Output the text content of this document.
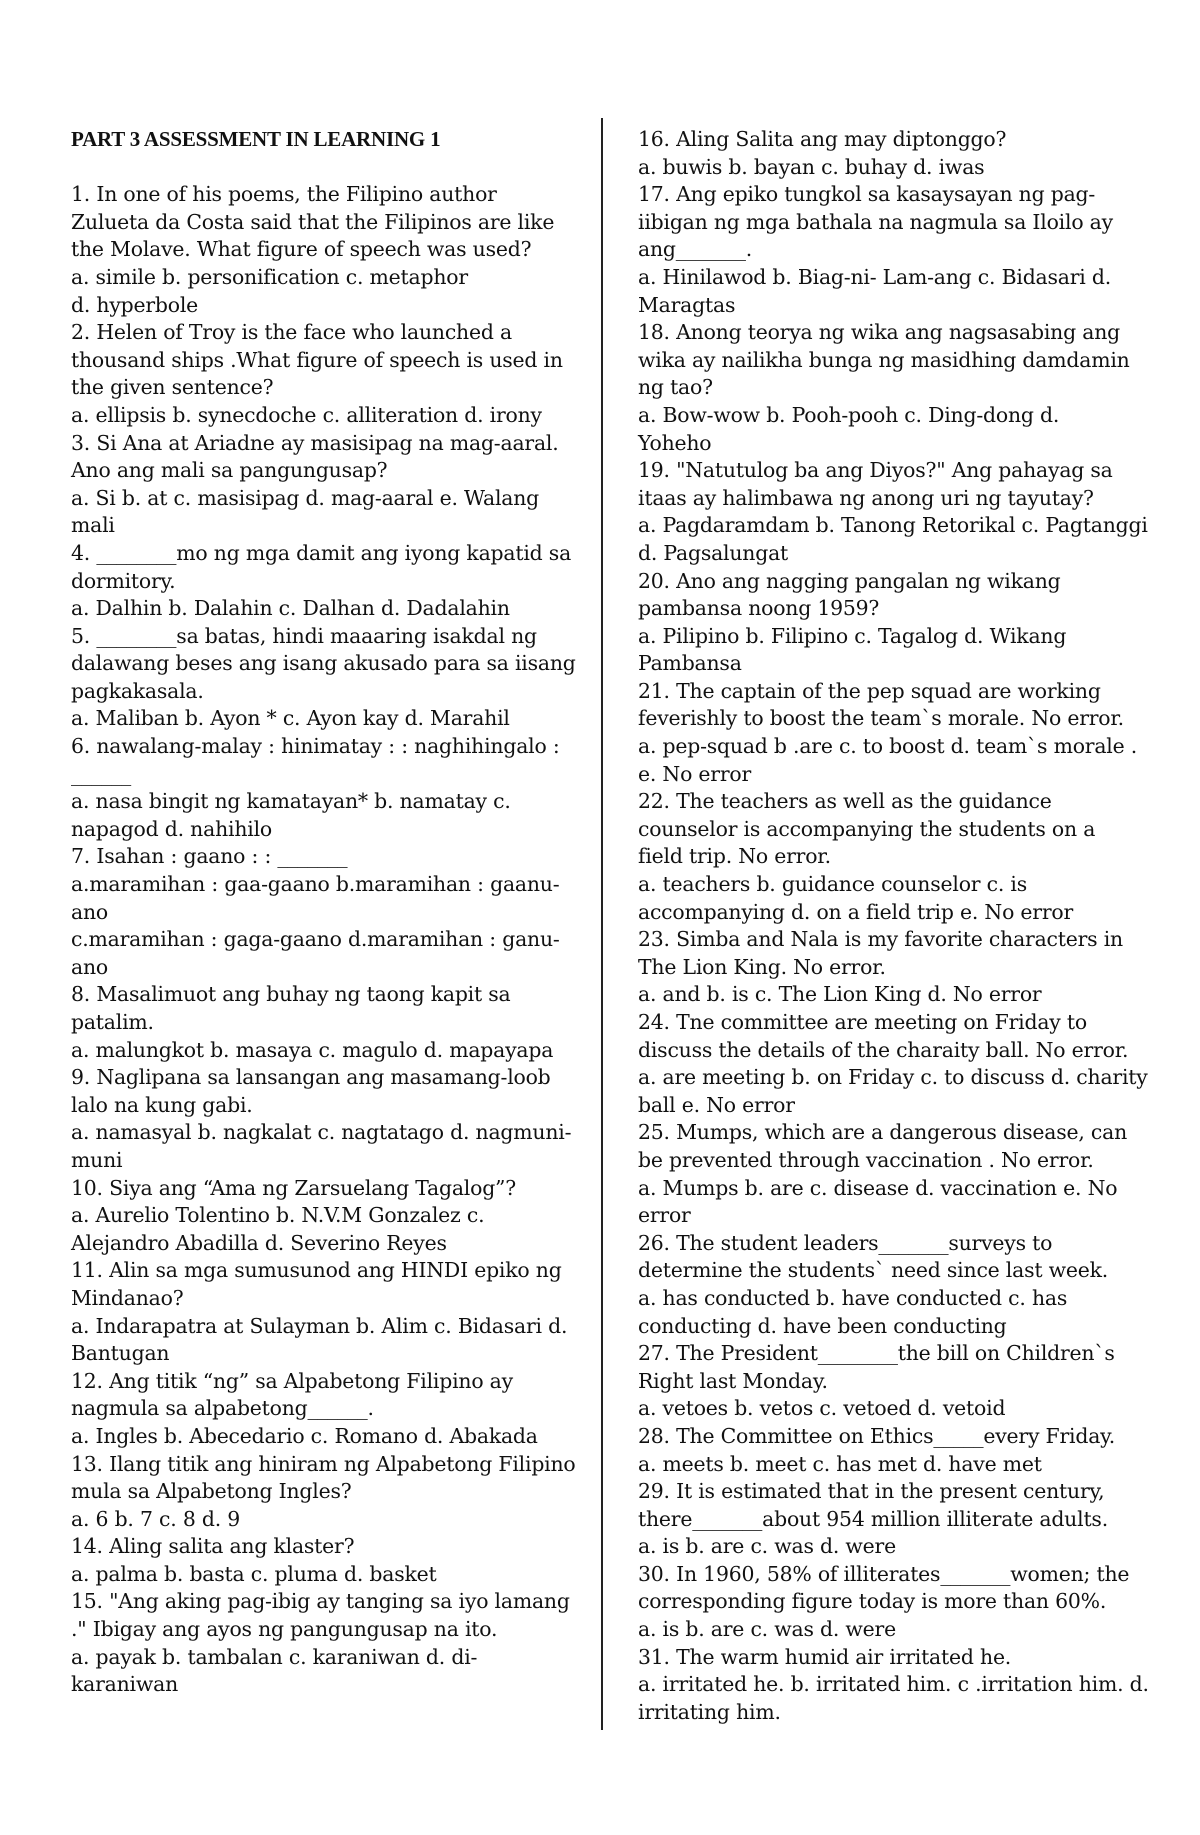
PART 3 ASSESSMENT IN LEARNING 1
1. In one of his poems, the Filipino author
Zulueta da Costa said that the Filipinos are like
the Molave. What figure of speech was used?
a. simile b. personification c. metaphor
d. hyperbole
2. Helen of Troy is the face who launched a
thousand ships .What figure of speech is used in
the given sentence?
a. ellipsis b. synecdoche c. alliteration d. irony
3. Si Ana at Ariadne ay masisipag na mag-aaral.
Ano ang mali sa pangungusap?
a. Si b. at c. masisipag d. mag-aaral e. Walang
mali
4. ________mo ng mga damit ang iyong kapatid sa
dormitory.
a. Dalhin b. Dalahin c. Dalhan d. Dadalahin
5. ________sa batas, hindi maaaring isakdal ng
dalawang beses ang isang akusado para sa iisang
pagkakasala.
a. Maliban b. Ayon * c. Ayon kay d. Marahil
6. nawalang-malay : hinimatay : : naghihingalo :
______
a. nasa bingit ng kamatayan* b. namatay c.
napagod d. nahihilo
7. Isahan : gaano : : _______
a.maramihan : gaa-gaano b.maramihan : gaanu-
ano
c.maramihan : gaga-gaano d.maramihan : ganu-
ano
8. Masalimuot ang buhay ng taong kapit sa
patalim.
a. malungkot b. masaya c. magulo d. mapayapa
9. Naglipana sa lansangan ang masamang-loob
lalo na kung gabi.
a. namasyal b. nagkalat c. nagtatago d. nagmuni-
muni
10. Siya ang “Ama ng Zarsuelang Tagalog”?
a. Aurelio Tolentino b. N.V.M Gonzalez c.
Alejandro Abadilla d. Severino Reyes
11. Alin sa mga sumusunod ang HINDI epiko ng
Mindanao?
a. Indarapatra at Sulayman b. Alim c. Bidasari d.
Bantugan
12. Ang titik “ng” sa Alpabetong Filipino ay
nagmula sa alpabetong______.
a. Ingles b. Abecedario c. Romano d. Abakada
13. Ilang titik ang hiniram ng Alpabetong Filipino
mula sa Alpabetong Ingles?
a. 6 b. 7 c. 8 d. 9
14. Aling salita ang klaster?
a. palma b. basta c. pluma d. basket
15. "Ang aking pag-ibig ay tanging sa iyo lamang
." Ibigay ang ayos ng pangungusap na ito.
a. payak b. tambalan c. karaniwan d. di-
karaniwan
16. Aling Salita ang may diptonggo?
a. buwis b. bayan c. buhay d. iwas
17. Ang epiko tungkol sa kasaysayan ng pag-
iibigan ng mga bathala na nagmula sa Iloilo ay
ang_______.
a. Hinilawod b. Biag-ni- Lam-ang c. Bidasari d.
Maragtas
18. Anong teorya ng wika ang nagsasabing ang
wika ay nailikha bunga ng masidhing damdamin
ng tao?
a. Bow-wow b. Pooh-pooh c. Ding-dong d.
Yoheho
19. "Natutulog ba ang Diyos?" Ang pahayag sa
itaas ay halimbawa ng anong uri ng tayutay?
a. Pagdaramdam b. Tanong Retorikal c. Pagtanggi
d. Pagsalungat
20. Ano ang nagging pangalan ng wikang
pambansa noong 1959?
a. Pilipino b. Filipino c. Tagalog d. Wikang
Pambansa
21. The captain of the pep squad are working
feverishly to boost the team`s morale. No error.
a. pep-squad b .are c. to boost d. team`s morale .
e. No error
22. The teachers as well as the guidance
counselor is accompanying the students on a
field trip. No error.
a. teachers b. guidance counselor c. is
accompanying d. on a field trip e. No error
23. Simba and Nala is my favorite characters in
The Lion King. No error.
a. and b. is c. The Lion King d. No error
24. Tne committee are meeting on Friday to
discuss the details of the charaity ball. No error.
a. are meeting b. on Friday c. to discuss d. charity
ball e. No error
25. Mumps, which are a dangerous disease, can
be prevented through vaccination . No error.
a. Mumps b. are c. disease d. vaccination e. No
error
26. The student leaders_______surveys to
determine the students` need since last week.
a. has conducted b. have conducted c. has
conducting d. have been conducting
27. The President________the bill on Children`s
Right last Monday.
a. vetoes b. vetos c. vetoed d. vetoid
28. The Committee on Ethics_____every Friday.
a. meets b. meet c. has met d. have met
29. It is estimated that in the present century,
there_______about 954 million illiterate adults.
a. is b. are c. was d. were
30. In 1960, 58% of illiterates_______women; the
corresponding figure today is more than 60%.
a. is b. are c. was d. were
31. The warm humid air irritated he.
a. irritated he. b. irritated him. c .irritation him. d.
irritating him.
